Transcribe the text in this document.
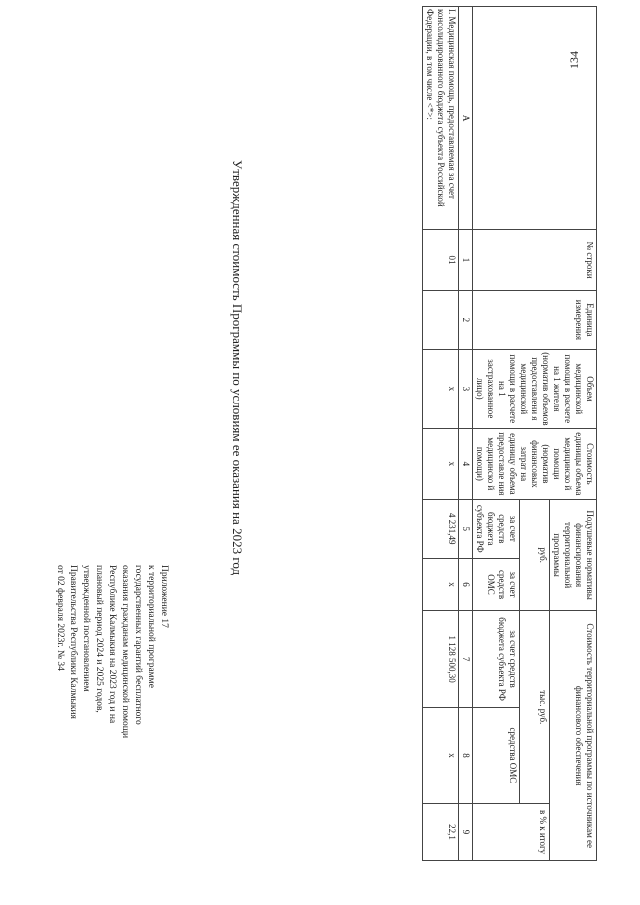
134
Приложение 17
к территориальной программе
государственных гарантий бесплатного
оказания гражданам медицинской помощи
Республике Калмыкия на 2023 год и на
плановый период 2024 и 2025 годов,
утвержденной постановлением
Правительства Республики Калмыкия
от 02 февраля 2023г. № 34
Утвержденная стоимость Программы по условиям ее оказания на 2023 год
		№ строки	Единица измерения	Объем медицинской помощи в расчете на 1 жителя (норматив объемов предоставлени я медицинской помощи в расчете на 1 застрахованное лицо)	Стоимость единицы объема медицинско й помощи (норматив финансовых затрат на единицу объема предоставле ния медицинско й помощи)	Подушевые нормативы финансирования территориальной программы		Стоимость территориальной программы по источникам ее финансового обеспечения		
					руб.		тыс. руб.		в % к итогу
					за счет средств бюджета субъекта РФ	за счет средств ОМС	за счет средств бюджета субъекта РФ	средства ОМС	
А	1	2	3	4	5	6	7	8	9
I. Медицинская помощь, предоставляемая за счет консолидированного бюджета субъекта Российской Федерации, в том числе <*>:	01		х	х	4 231,49	х	1 128 500,30	х	22,1
